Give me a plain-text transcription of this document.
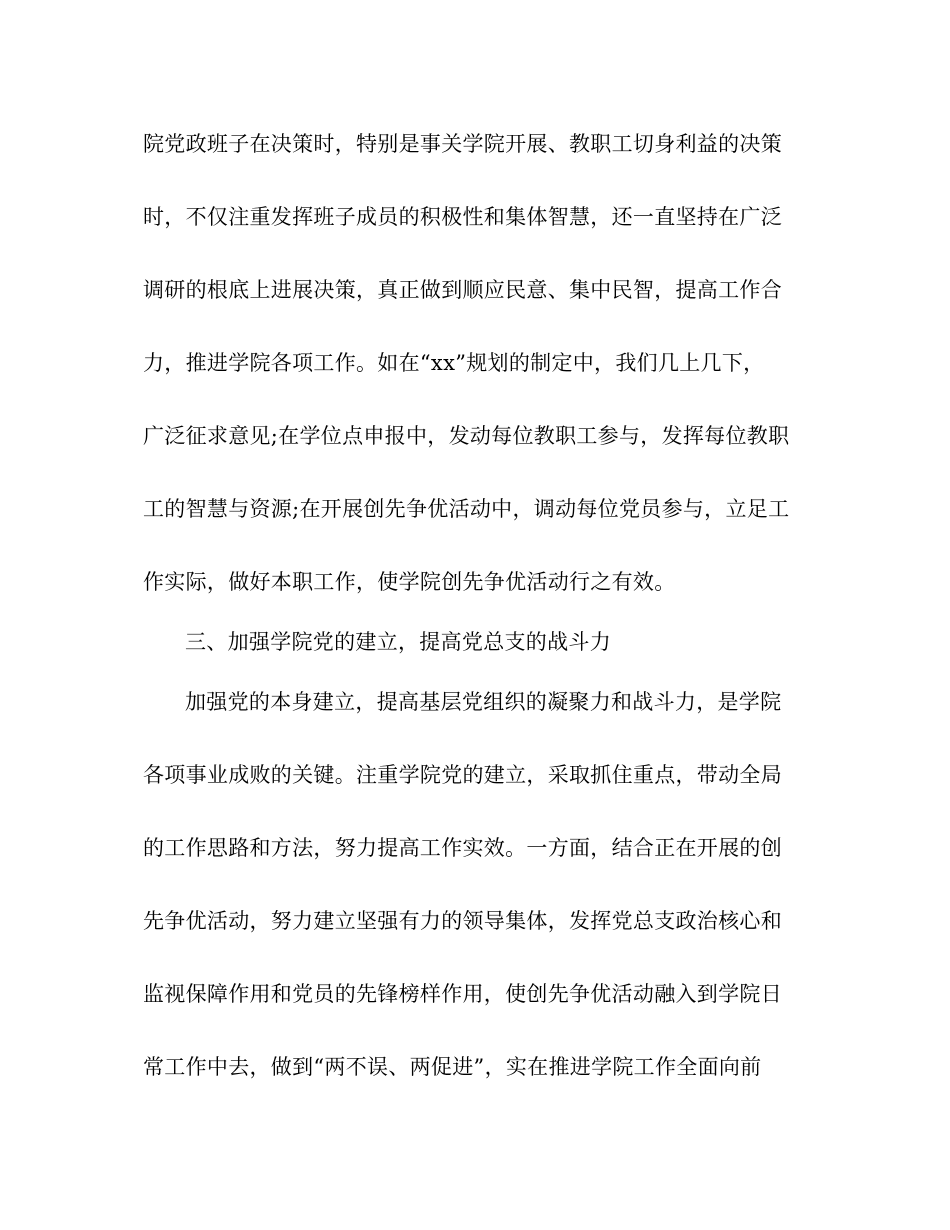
院党政班子在决策时，特别是事关学院开展、教职工切身利益的决策
时，不仅注重发挥班子成员的积极性和集体智慧，还一直坚持在广泛
调研的根底上进展决策，真正做到顺应民意、集中民智，提高工作合
力，推进学院各项工作。如在“xx”规划的制定中，我们几上几下，
广泛征求意见;在学位点申报中，发动每位教职工参与，发挥每位教职
工的智慧与资源;在开展创先争优活动中，调动每位党员参与，立足工
作实际，做好本职工作，使学院创先争优活动行之有效。
三、加强学院党的建立，提高党总支的战斗力
加强党的本身建立，提高基层党组织的凝聚力和战斗力，是学院
各项事业成败的关键。注重学院党的建立，采取抓住重点，带动全局
的工作思路和方法，努力提高工作实效。一方面，结合正在开展的创
先争优活动，努力建立坚强有力的领导集体，发挥党总支政治核心和
监视保障作用和党员的先锋榜样作用，使创先争优活动融入到学院日
常工作中去，做到“两不误、两促进”，实在推进学院工作全面向前
